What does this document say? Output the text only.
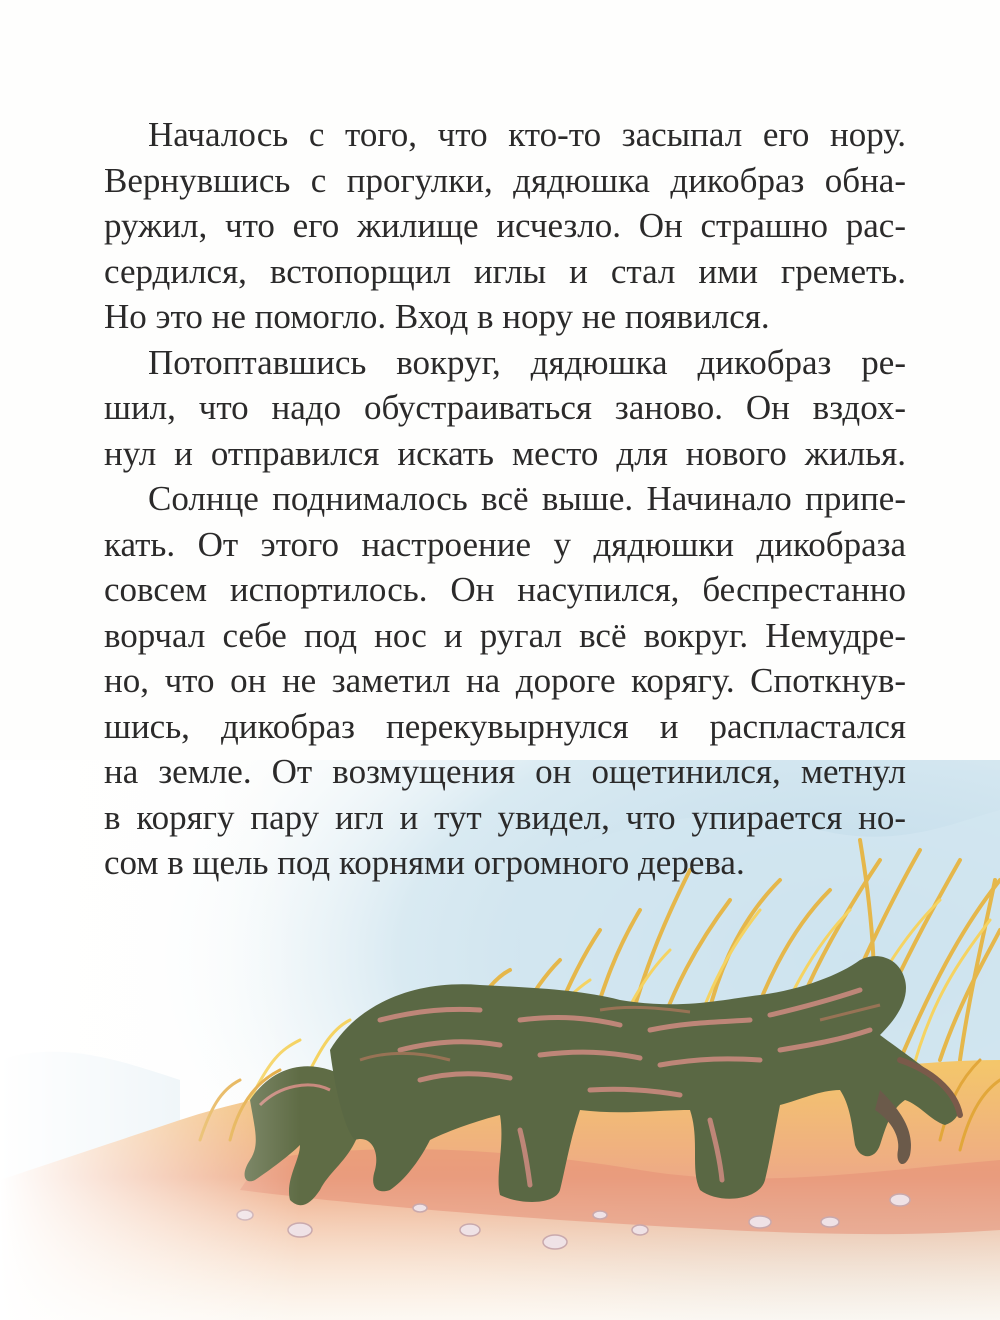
Началось с того, что кто-то засыпал его нору.
Вернувшись с прогулки, дядюшка дикобраз обна-
ружил, что его жилище исчезло. Он страшно рас-
сердился, встопорщил иглы и стал ими греметь.
Но это не помогло. Вход в нору не появился.
Потоптавшись вокруг, дядюшка дикобраз ре-
шил, что надо обустраиваться заново. Он вздох-
нул и отправился искать место для нового жилья.
Солнце поднималось всё выше. Начинало припе-
кать. От этого настроение у дядюшки дикобраза
совсем испортилось. Он насупился, беспрестанно
ворчал себе под нос и ругал всё вокруг. Немудре-
но, что он не заметил на дороге корягу. Споткнув-
шись, дикобраз перекувырнулся и распластался
на земле. От возмущения он ощетинился, метнул
в корягу пару игл и тут увидел, что упирается но-
сом в щель под корнями огромного дерева.
